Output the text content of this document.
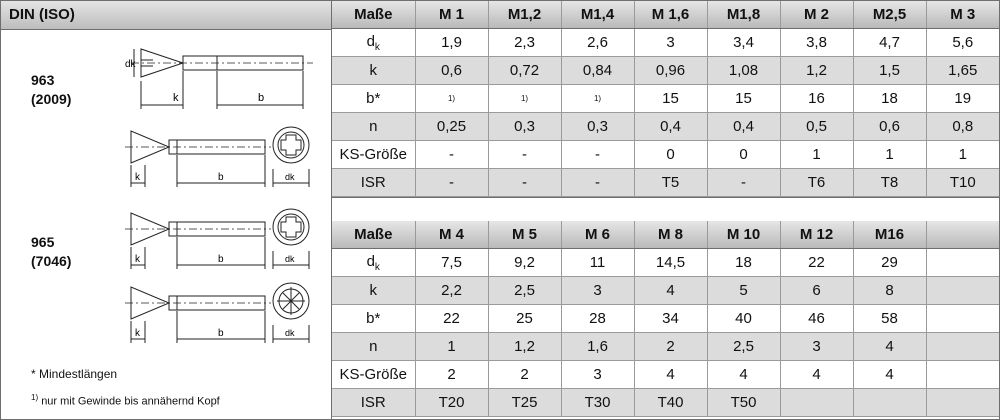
DIN (ISO)
963
(2009)
965
(7046)
dk
k	b
k	b	dk
k	b	dk
k	b	dk
* Mindestlängen
$^{1)}$ nur mit Gewinde bis annähernd Kopf
Maße	M 1	M1,2	M1,4	M 1,6	M1,8	M 2	M2,5	M 3
$d_k$	1,9	2,3	2,6	3	3,4	3,8	4,7	5,6
k	0,6	0,72	0,84	0,96	1,08	1,2	1,5	1,65
b*	1)	1)	1)	15	15	16	18	19
n	0,25	0,3	0,3	0,4	0,4	0,5	0,6	0,8
KS-Größe	-	-	-	0	0	1	1	1
ISR	-	-	-	T5	-	T6	T8	T10
Maße	M 4	M 5	M 6	M 8	M 10	M 12	M16	
$d_k$	7,5	9,2	11	14,5	18	22	29	
k	2,2	2,5	3	4	5	6	8	
b*	22	25	28	34	40	46	58	
n	1	1,2	1,6	2	2,5	3	4	
KS-Größe	2	2	3	4	4	4	4	
ISR	T20	T25	T30	T40	T50			
